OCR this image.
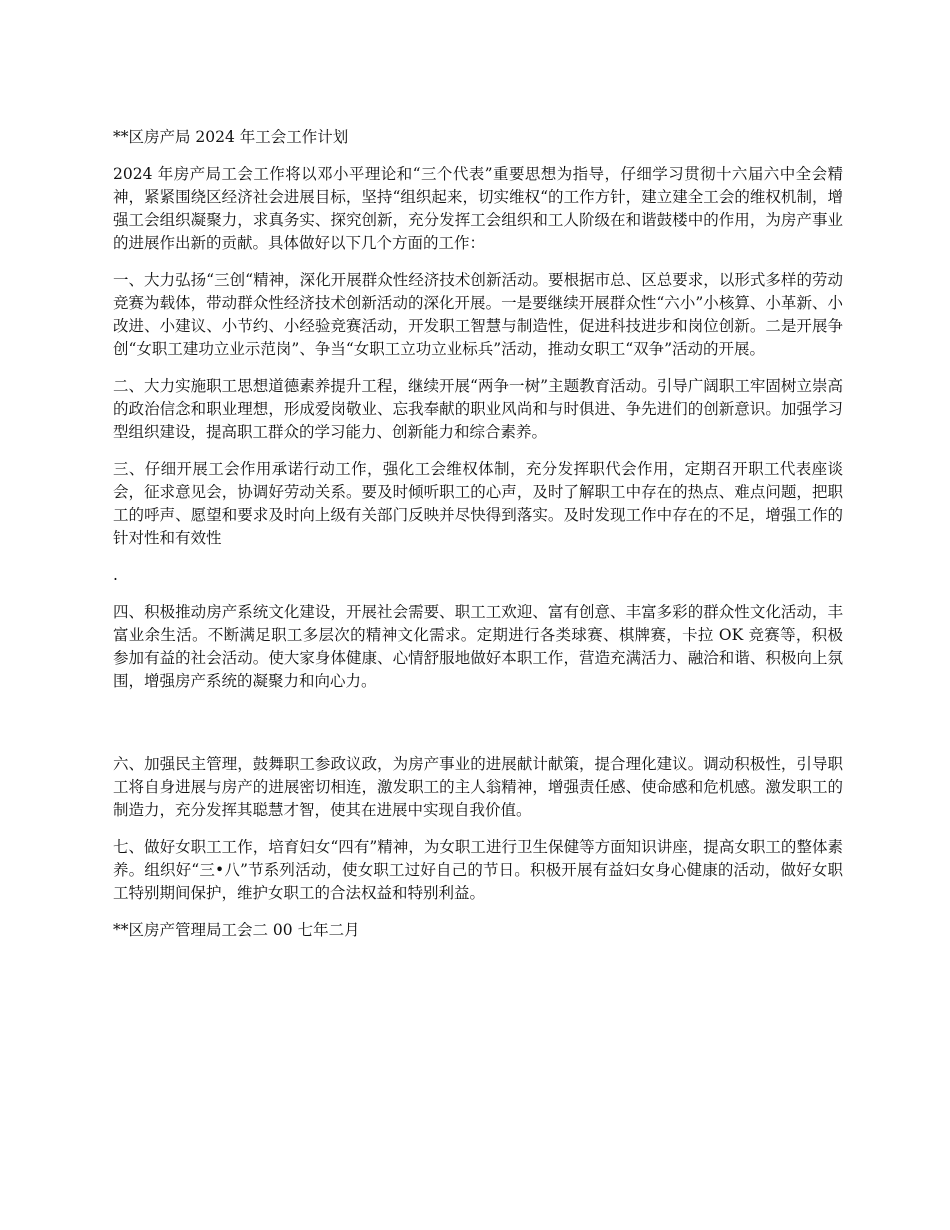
**区房产局 2024 年工会工作计划
2024 年房产局工会工作将以邓小平理论和“三个代表”重要思想为指导，仔细学习贯彻十六届六中全会精神，紧紧围绕区经济社会进展目标，坚持“组织起来，切实维权“的工作方针，建立建全工会的维权机制，增强工会组织凝聚力，求真务实、探究创新，充分发挥工会组织和工人阶级在和谐鼓楼中的作用，为房产事业的进展作出新的贡献。具体做好以下几个方面的工作：
一、大力弘扬“三创“精神，深化开展群众性经济技术创新活动。要根据市总、区总要求，以形式多样的劳动竞赛为载体，带动群众性经济技术创新活动的深化开展。一是要继续开展群众性“六小”小核算、小革新、小改进、小建议、小节约、小经验竞赛活动，开发职工智慧与制造性，促进科技进步和岗位创新。二是开展争创“女职工建功立业示范岗”、争当“女职工立功立业标兵”活动，推动女职工“双争”活动的开展。
二、大力实施职工思想道德素养提升工程，继续开展“两争一树”主题教育活动。引导广阔职工牢固树立崇高的政治信念和职业理想，形成爱岗敬业、忘我奉献的职业风尚和与时俱进、争先进们的创新意识。加强学习型组织建设，提高职工群众的学习能力、创新能力和综合素养。
三、仔细开展工会作用承诺行动工作，强化工会维权体制，充分发挥职代会作用，定期召开职工代表座谈会，征求意见会，协调好劳动关系。要及时倾听职工的心声，及时了解职工中存在的热点、难点问题，把职工的呼声、愿望和要求及时向上级有关部门反映并尽快得到落实。及时发现工作中存在的不足，增强工作的针对性和有效性
.
四、积极推动房产系统文化建设，开展社会需要、职工工欢迎、富有创意、丰富多彩的群众性文化活动，丰富业余生活。不断满足职工多层次的精神文化需求。定期进行各类球赛、棋牌赛，卡拉 OK 竞赛等，积极参加有益的社会活动。使大家身体健康、心情舒服地做好本职工作，营造充满活力、融洽和谐、积极向上氛围，增强房产系统的凝聚力和向心力。
六、加强民主管理，鼓舞职工参政议政，为房产事业的进展献计献策，提合理化建议。调动积极性，引导职工将自身进展与房产的进展密切相连，激发职工的主人翁精神，增强责任感、使命感和危机感。激发职工的制造力，充分发挥其聪慧才智，使其在进展中实现自我价值。
七、做好女职工工作，培育妇女“四有”精神，为女职工进行卫生保健等方面知识讲座，提高女职工的整体素养。组织好“三•八”节系列活动，使女职工过好自己的节日。积极开展有益妇女身心健康的活动，做好女职工特别期间保护，维护女职工的合法权益和特别利益。
**区房产管理局工会二 00 七年二月
